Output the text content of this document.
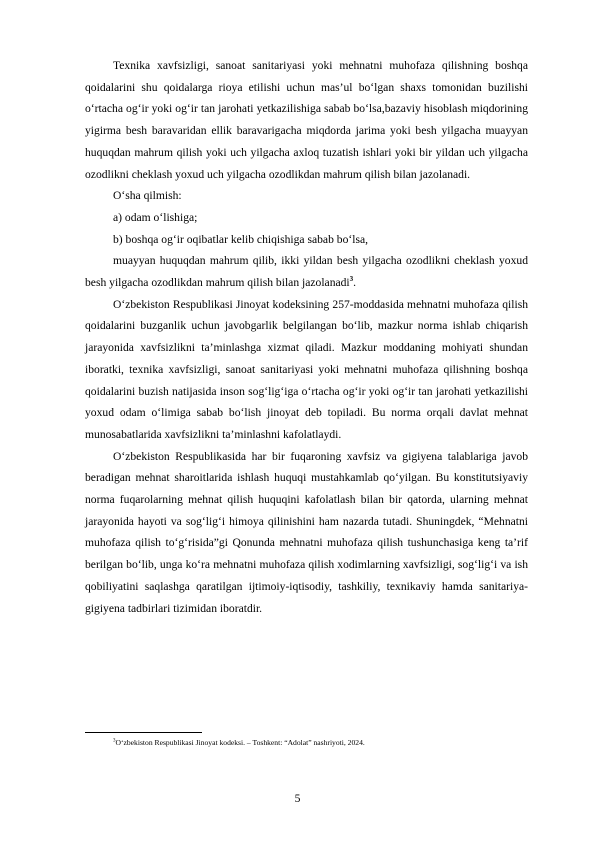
Texnika xavfsizligi, sanoat sanitariyasi yoki mehnatni muhofaza qilishning boshqa qoidalarini shu qoidalarga rioya etilishi uchun mas’ul bo‘lgan shaxs tomonidan buzilishi o‘rtacha og‘ir yoki og‘ir tan jarohati yetkazilishiga sabab bo‘lsa,bazaviy hisoblash miqdorining yigirma besh baravaridan ellik baravarigacha miqdorda jarima yoki besh yilgacha muayyan huquqdan mahrum qilish yoki uch yilgacha axloq tuzatish ishlari yoki bir yildan uch yilgacha ozodlikni cheklash yoxud uch yilgacha ozodlikdan mahrum qilish bilan jazolanadi.

O‘sha qilmish:

a) odam o‘lishiga;

b) boshqa og‘ir oqibatlar kelib chiqishiga sabab bo‘lsa,

muayyan huquqdan mahrum qilib, ikki yildan besh yilgacha ozodlikni cheklash yoxud besh yilgacha ozodlikdan mahrum qilish bilan jazolanadi$^3$.

O‘zbekiston Respublikasi Jinoyat kodeksining 257-moddasida mehnatni muhofaza qilish qoidalarini buzganlik uchun javobgarlik belgilangan bo‘lib, mazkur norma ishlab chiqarish jarayonida xavfsizlikni ta’minlashga xizmat qiladi. Mazkur moddaning mohiyati shundan iboratki, texnika xavfsizligi, sanoat sanitariyasi yoki mehnatni muhofaza qilishning boshqa qoidalarini buzish natijasida inson sog‘lig‘iga o‘rtacha og‘ir yoki og‘ir tan jarohati yetkazilishi yoxud odam o‘limiga sabab bo‘lish jinoyat deb topiladi. Bu norma orqali davlat mehnat munosabatlarida xavfsizlikni ta’minlashni kafolatlaydi.

O‘zbekiston Respublikasida har bir fuqaroning xavfsiz va gigiyena talablariga javob beradigan mehnat sharoitlarida ishlash huquqi mustahkamlab qo‘yilgan. Bu konstitutsiyaviy norma fuqarolarning mehnat qilish huquqini kafolatlash bilan bir qatorda, ularning mehnat jarayonida hayoti va sog‘lig‘i himoya qilinishini ham nazarda tutadi. Shuningdek, “Mehnatni muhofaza qilish to‘g‘risida”gi Qonunda mehnatni muhofaza qilish tushunchasiga keng ta’rif berilgan bo‘lib, unga ko‘ra mehnatni muhofaza qilish xodimlarning xavfsizligi, sog‘lig‘i va ish qobiliyatini saqlashga qaratilgan ijtimoiy-iqtisodiy, tashkiliy, texnikaviy hamda sanitariya-gigiyena tadbirlari tizimidan iboratdir.

$^3$O‘zbekiston Respublikasi Jinoyat kodeksi. – Toshkent: “Adolat” nashriyoti, 2024.
5
